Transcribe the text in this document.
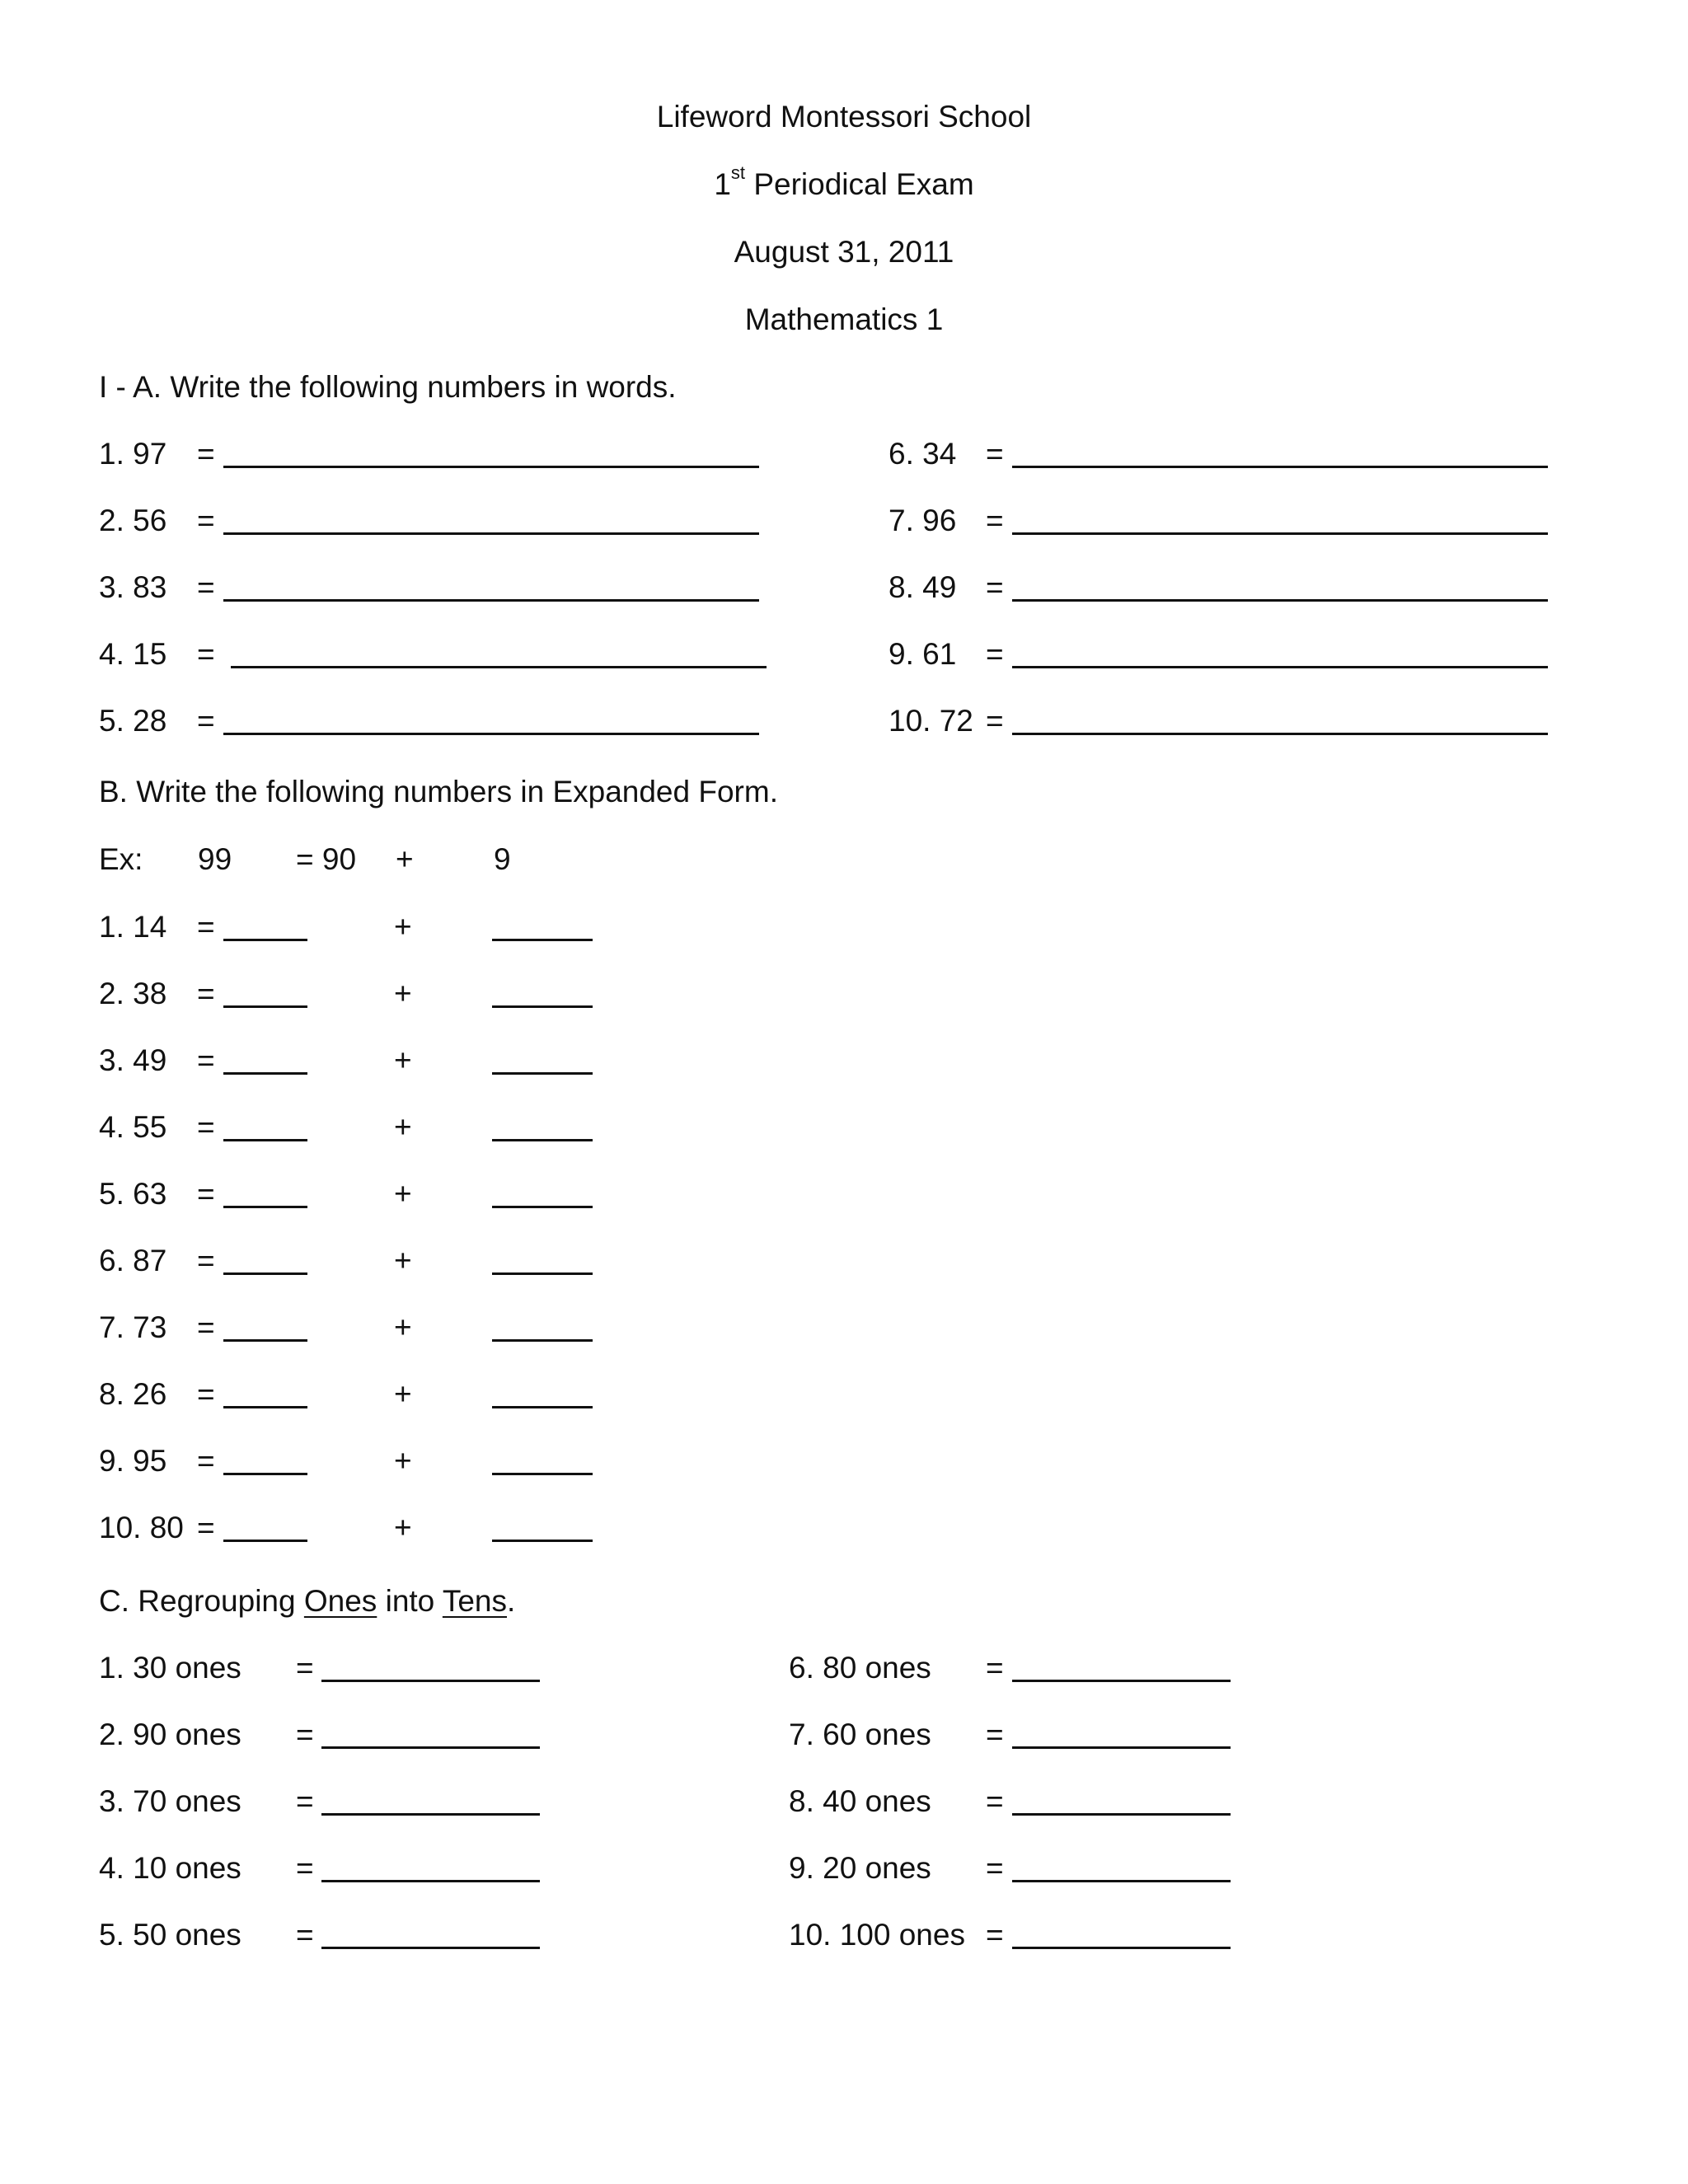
Lifeword Montessori School
1st Periodical Exam
August 31, 2011
Mathematics 1
I - A. Write the following numbers in words.
1. 97 =
2. 56 =
3. 83 =
4. 15 =
5. 28 =
6. 34 =
7. 96 =
8. 49 =
9. 61 =
10. 72 =
B. Write the following numbers in Expanded Form.
Ex: 99 = 90 +	9
1. 14 =	+
2. 38 =	+
3. 49 =	+
4. 55 =	+
5. 63 =	+
6. 87 =	+
7. 73 =	+
8. 26 =	+
9. 95 =	+
10. 80 =	+
C. Regrouping Ones into Tens.
1. 30 ones =
2. 90 ones =
3. 70 ones =
4. 10 ones =
5. 50 ones =
6. 80 ones =
7. 60 ones =
8. 40 ones =
9. 20 ones =
10. 100 ones =
